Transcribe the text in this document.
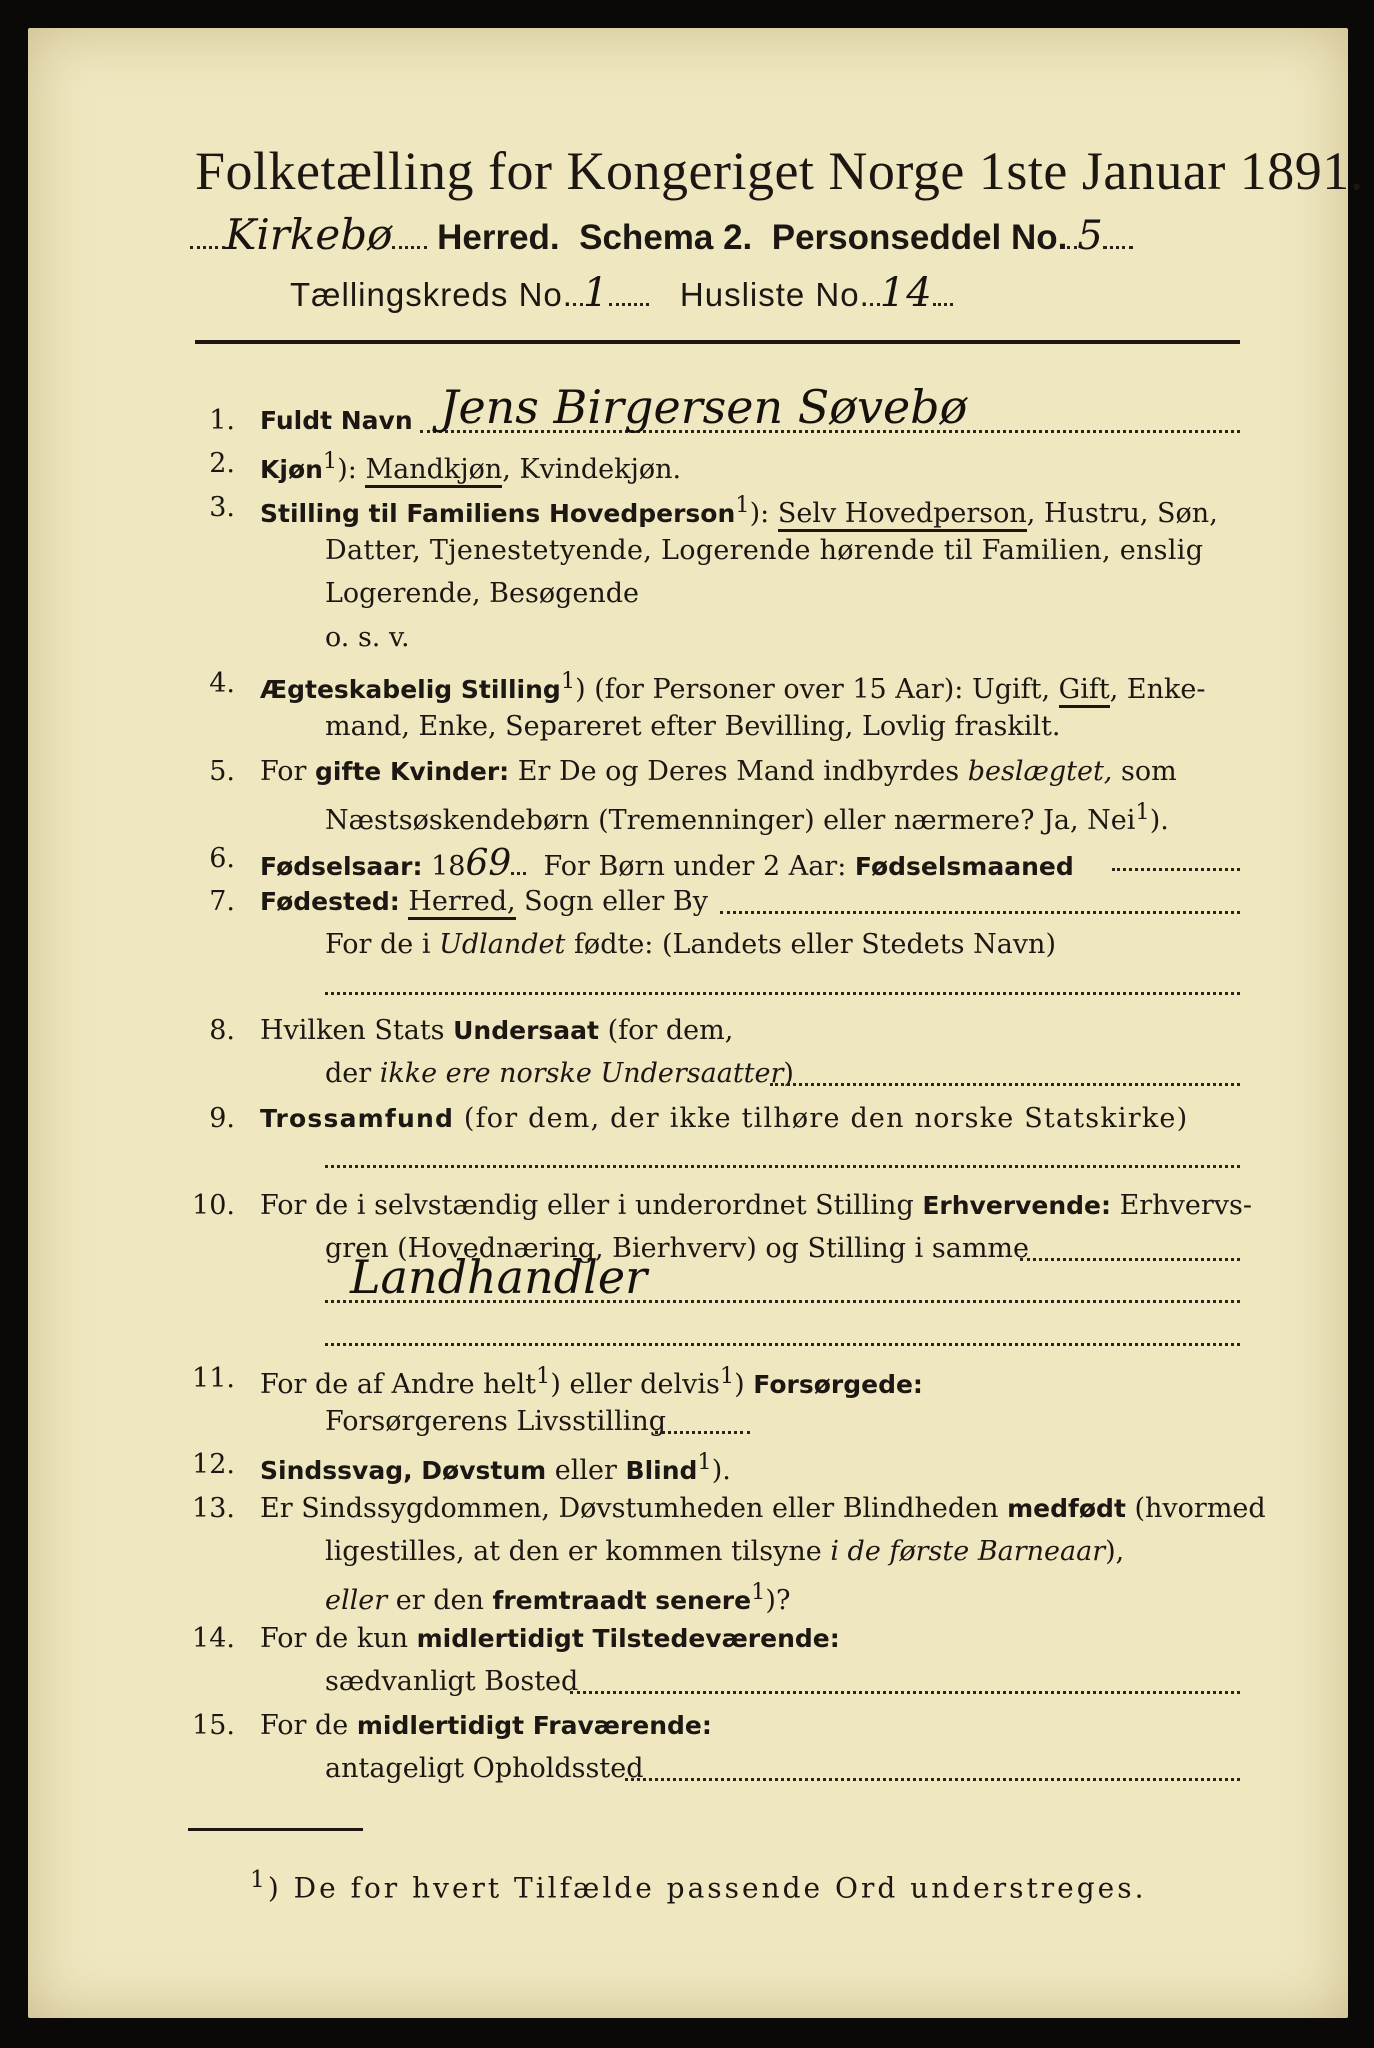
Folketælling for Kongeriget Norge 1ste Januar 1891.
Kirkebø Herred. Schema 2. Personseddel No. 5
Tællingskreds No. 1 Husliste No. 14
1. Fuldt Navn Jens Birgersen Søvebø
2. Kjøn$^1$): Mandkjøn, Kvindekjøn.
3. Stilling til Familiens Hovedperson$^1$): Selv Hovedperson, Hustru, Søn,
Datter, Tjenestetyende, Logerende hørende til Familien, enslig
Logerende, Besøgende
o. s. v.
4. Ægteskabelig Stilling$^1$) (for Personer over 15 Aar): Ugift, Gift, Enke-
mand, Enke, Separeret efter Bevilling, Lovlig fraskilt.
5. For gifte Kvinder: Er De og Deres Mand indbyrdes beslægtet, som
Næstsøskendebørn (Tremenninger) eller nærmere? Ja, Nei$^1$).
6. Fødselsaar: 1869 For Børn under 2 Aar: Fødselsmaaned
7. Fødested: Herred, Sogn eller By
For de i Udlandet fødte: (Landets eller Stedets Navn)
8. Hvilken Stats Undersaat (for dem,
der ikke ere norske Undersaatter)
9. Trossamfund (for dem, der ikke tilhøre den norske Statskirke)
10. For de i selvstændig eller i underordnet Stilling Erhvervende: Erhvervs-
gren (Hovednæring, Bierhverv) og Stilling i samme
Landhandler
11. For de af Andre helt$^1$) eller delvis$^1$) Forsørgede:
Forsørgerens Livsstilling
12. Sindssvag, Døvstum eller Blind$^1$).
13. Er Sindssygdommen, Døvstumheden eller Blindheden medfødt (hvormed
ligestilles, at den er kommen tilsyne i de første Barneaar),
eller er den fremtraadt senere$^1$)?
14. For de kun midlertidigt Tilstedeværende:
sædvanligt Bosted
15. For de midlertidigt Fraværende:
antageligt Opholdssted
$^1$) De for hvert Tilfælde passende Ord understreges.
